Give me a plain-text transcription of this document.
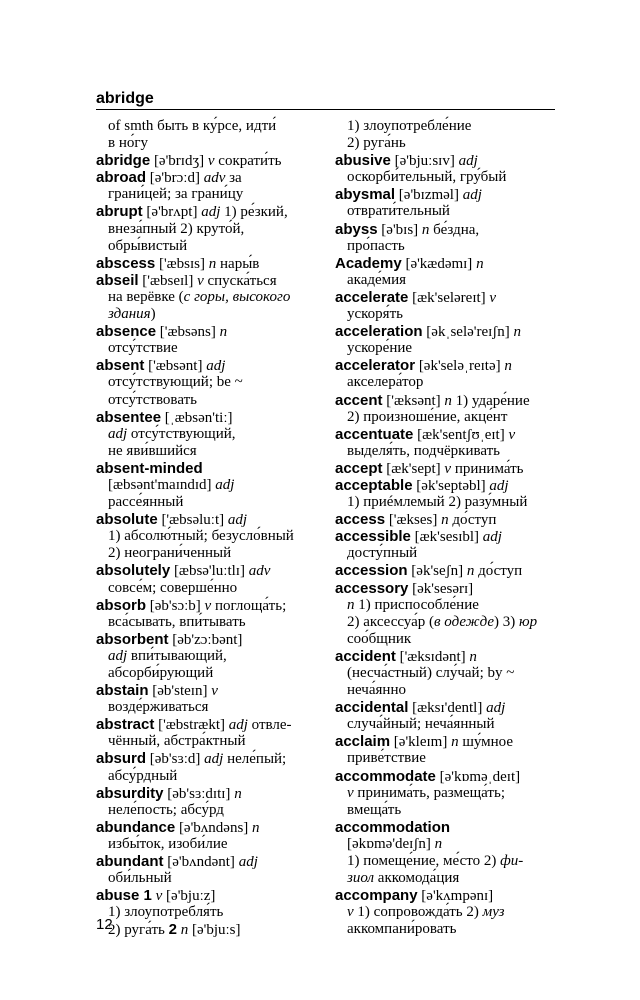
abridge
of smth быть в ку́рсе, идти́
в но́гу
abridge [ə'brɪdʒ] v сократи́ть
abroad [ə'brɔːd] adv за
грани́цей; за грани́цу
abrupt [ə'brʌpt] adj 1) ре́зкий,
внеза́пный 2) круто́й,
обры́вистый
abscess ['æbsɪs] n нары́в
abseil ['æbseɪl] v спуска́ться
на верёвке (с горы, высокого
здания)
absence ['æbsəns] n
отсу́тствие
absent ['æbsənt] adj
отсу́тствующий; be ~
отсу́тствовать
absentee [ˌæbsən'tiː]
adj отсу́тствующий,
не яви́вшийся
absent-minded
[æbsənt'maɪndɪd] adj
рассе́янный
absolute ['æbsəluːt] adj
1) абсолю́тный; безусло́вный
2) неограни́ченный
absolutely [æbsə'luːtlɪ] adv
совсе́м; соверше́нно
absorb [əb'sɔːb] v поглоща́ть;
вса́сывать, впи́тывать
absorbent [əb'zɔːbənt]
adj впи́тывающий,
абсорби́рующий
abstain [əb'steɪn] v
возде́рживаться
abstract ['æbstrækt] adj отвле-
чённый, абстра́ктный
absurd [əb'sɜːd] adj неле́пый;
абсу́рдный
absurdity [əb'sɜːdɪtɪ] n
неле́пость; абсу́рд
abundance [ə'bʌndəns] n
избы́ток, изоби́лие
abundant [ə'bʌndənt] adj
оби́льный
abuse 1 v [ə'bjuːz]
1) злоупотребля́ть
2) руга́ть 2 n [ə'bjuːs]
1) злоупотребле́ние
2) руга́нь
abusive [ə'bjuːsɪv] adj
оскорби́тельный, гру́бый
abysmal [ə'bɪzməl] adj
отврати́тельный
abyss [ə'bɪs] n бе́здна,
про́пасть
Academy [ə'kædəmɪ] n
акаде́мия
accelerate [æk'seləreɪt] v
ускоря́ть
acceleration [əkˌselə'reɪʃn] n
ускоре́ние
accelerator [ək'seləˌreɪtə] n
акселера́тор
accent ['æksənt] n 1) ударе́ние
2) произноше́ние, акце́нт
accentuate [æk'sentʃʊˌeɪt] v
выделя́ть, подчёркивать
accept [æk'sept] v принима́ть
acceptable [ək'septəbl] adj
1) приéмлемый 2) разу́мный
access ['ækses] n до́ступ
accessible [æk'sesɪbl] adj
досту́пный
accession [ək'seʃn] n до́ступ
accessory [ək'sesərɪ]
n 1) приспособле́ние
2) аксессуа́р (в одежде) 3) юр
соо́бщник
accident ['æksɪdənt] n
(несча́стный) слу́чай; by ~
неча́янно
accidental [æksɪ'dentl] adj
случа́йный; неча́янный
acclaim [ə'kleɪm] n шу́мное
приве́тствие
accommodate [ə'kɒməˌdeɪt]
v принима́ть, размеща́ть;
вмеща́ть
accommodation
[əkɒmə'deɪʃn] n
1) помеще́ние, ме́сто 2) фи-
зиол аккомода́ция
accompany [ə'kʌmpənɪ]
v 1) сопровожда́ть 2) муз
аккомпани́ровать
12
